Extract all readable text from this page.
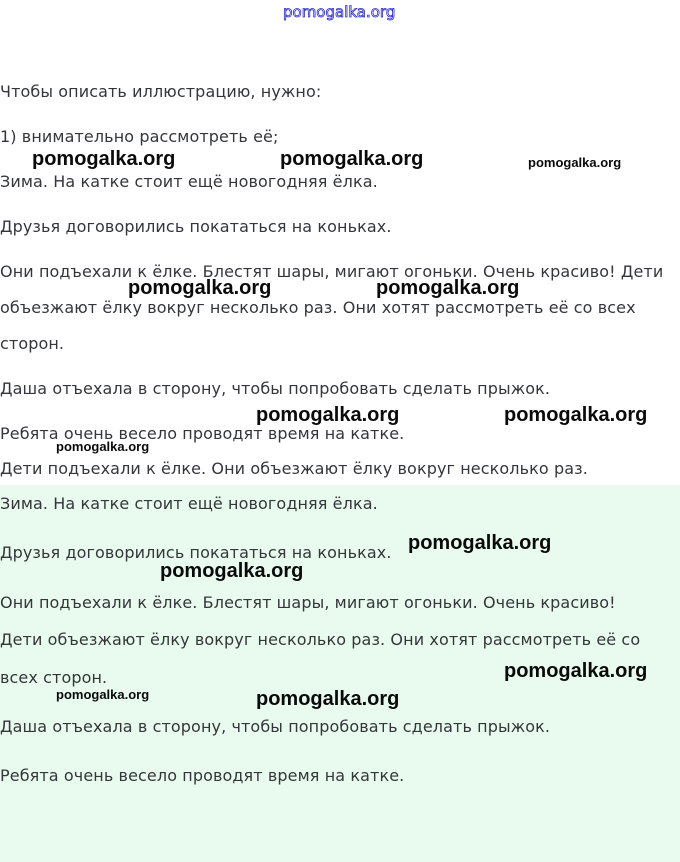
pomogalka.org

Чтобы описать иллюстрацию, нужно:

1) внимательно рассмотреть её;

Зима. На катке стоит ещё новогодняя ёлка.

Друзья договорились покататься на коньках.

Они подъехали к ёлке. Блестят шары, мигают огоньки. Очень красиво! Дети

объезжают ёлку вокруг несколько раз. Они хотят рассмотреть её со всех

сторон.

Даша отъехала в сторону, чтобы попробовать сделать прыжок.

Ребята очень весело проводят время на катке.

Дети подъехали к ёлке. Они объезжают ёлку вокруг несколько раз.

Зима. На катке стоит ещё новогодняя ёлка.

Друзья договорились покататься на коньках.

Они подъехали к ёлке. Блестят шары, мигают огоньки. Очень красиво!

Дети объезжают ёлку вокруг несколько раз. Они хотят рассмотреть её со

всех сторон.

Даша отъехала в сторону, чтобы попробовать сделать прыжок.

Ребята очень весело проводят время на катке.

pomogalka.org	pomogalka.org	pomogalka.org
pomogalka.org	pomogalka.org
pomogalka.org	pomogalka.org
pomogalka.org
pomogalka.org
pomogalka.org
pomogalka.org
pomogalka.org	pomogalka.org
